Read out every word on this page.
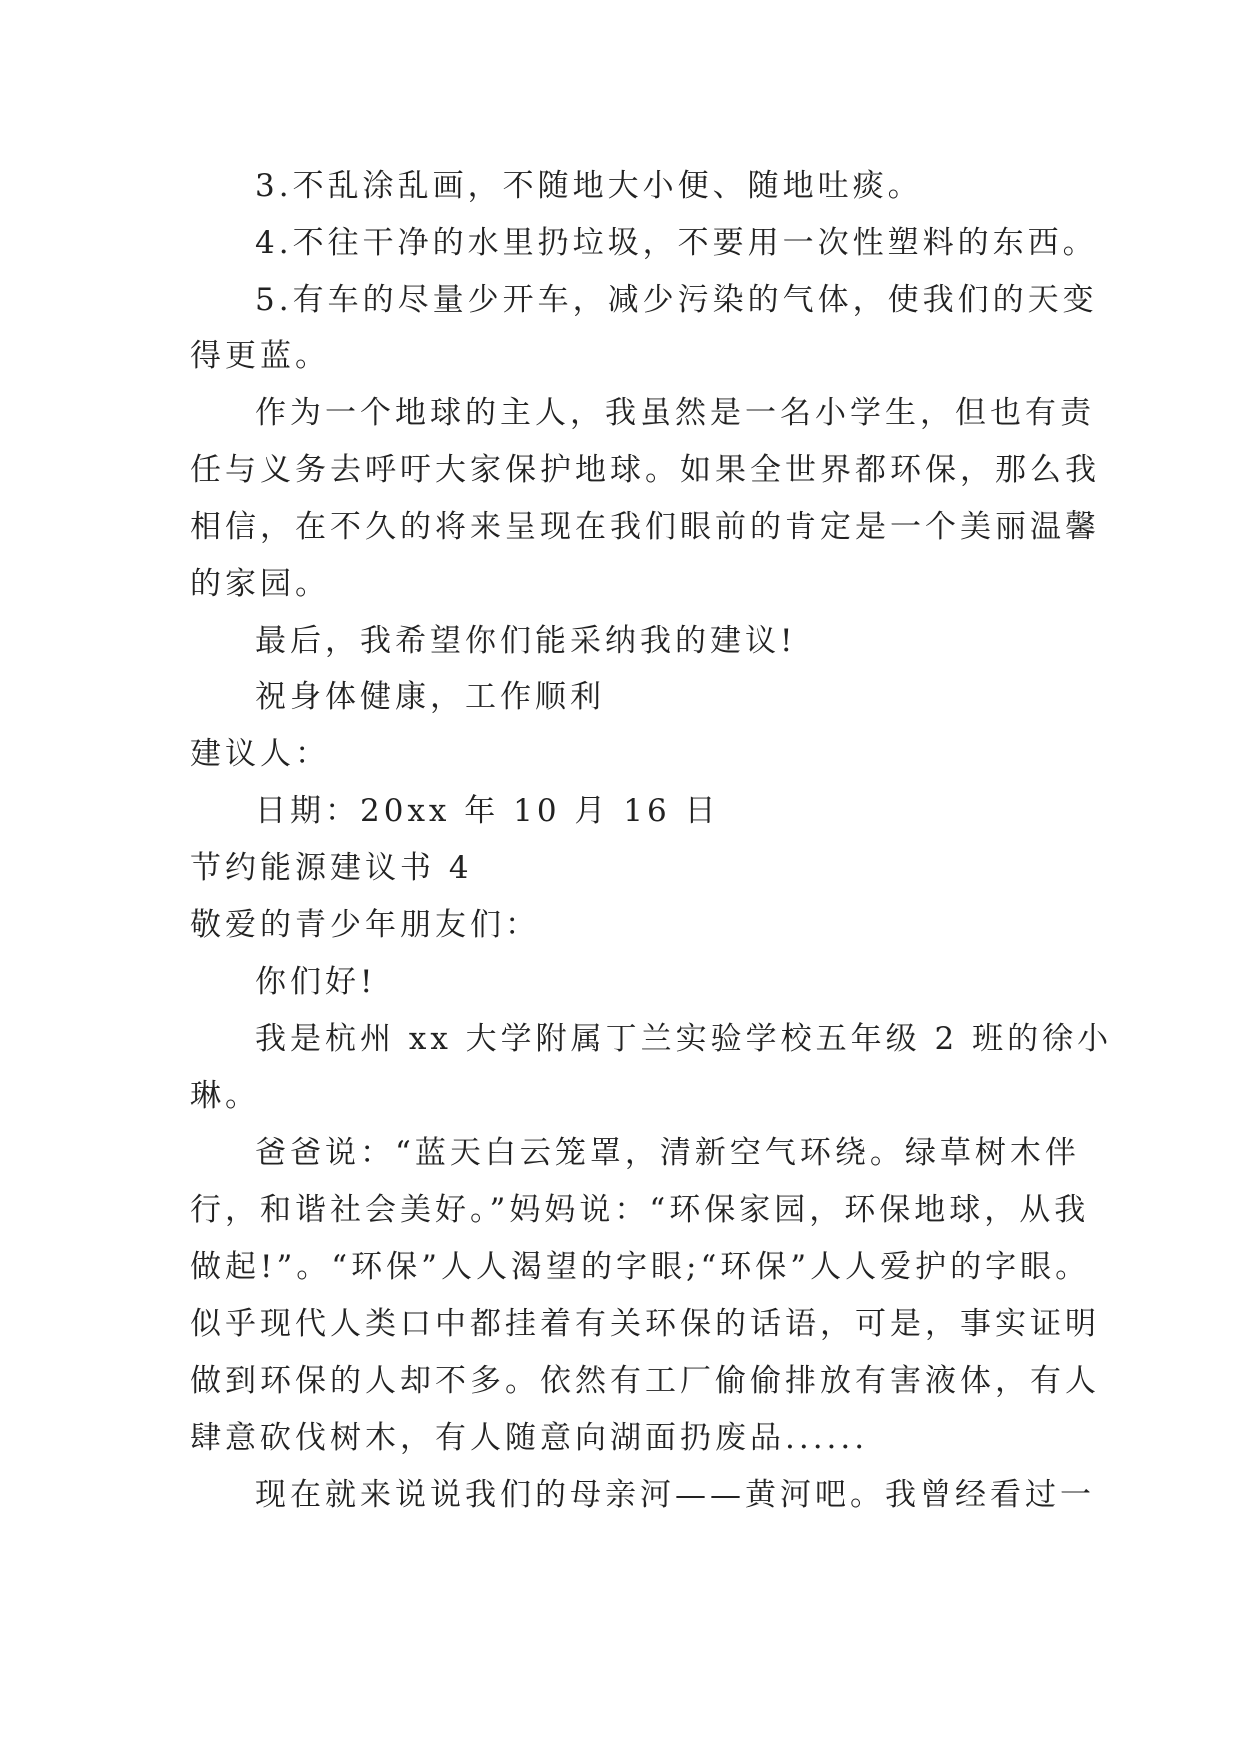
3.不乱涂乱画，不随地大小便、随地吐痰。
4.不往干净的水里扔垃圾，不要用一次性塑料的东西。
5.有车的尽量少开车，减少污染的气体，使我们的天变
得更蓝。
作为一个地球的主人，我虽然是一名小学生，但也有责
任与义务去呼吁大家保护地球。如果全世界都环保，那么我
相信，在不久的将来呈现在我们眼前的肯定是一个美丽温馨
的家园。
最后，我希望你们能采纳我的建议!
祝身体健康，工作顺利
建议人：
日期：20xx 年 10 月 16 日
节约能源建议书 4
敬爱的青少年朋友们：
你们好!
我是杭州 xx 大学附属丁兰实验学校五年级 2 班的徐小
琳。
爸爸说：“蓝天白云笼罩，清新空气环绕。绿草树木伴
行，和谐社会美好。”妈妈说：“环保家园，环保地球，从我
做起!”。“环保”人人渴望的字眼;“环保”人人爱护的字眼。
似乎现代人类口中都挂着有关环保的话语，可是，事实证明
做到环保的人却不多。依然有工厂偷偷排放有害液体，有人
肆意砍伐树木，有人随意向湖面扔废品......
现在就来说说我们的母亲河——黄河吧。我曾经看过一
